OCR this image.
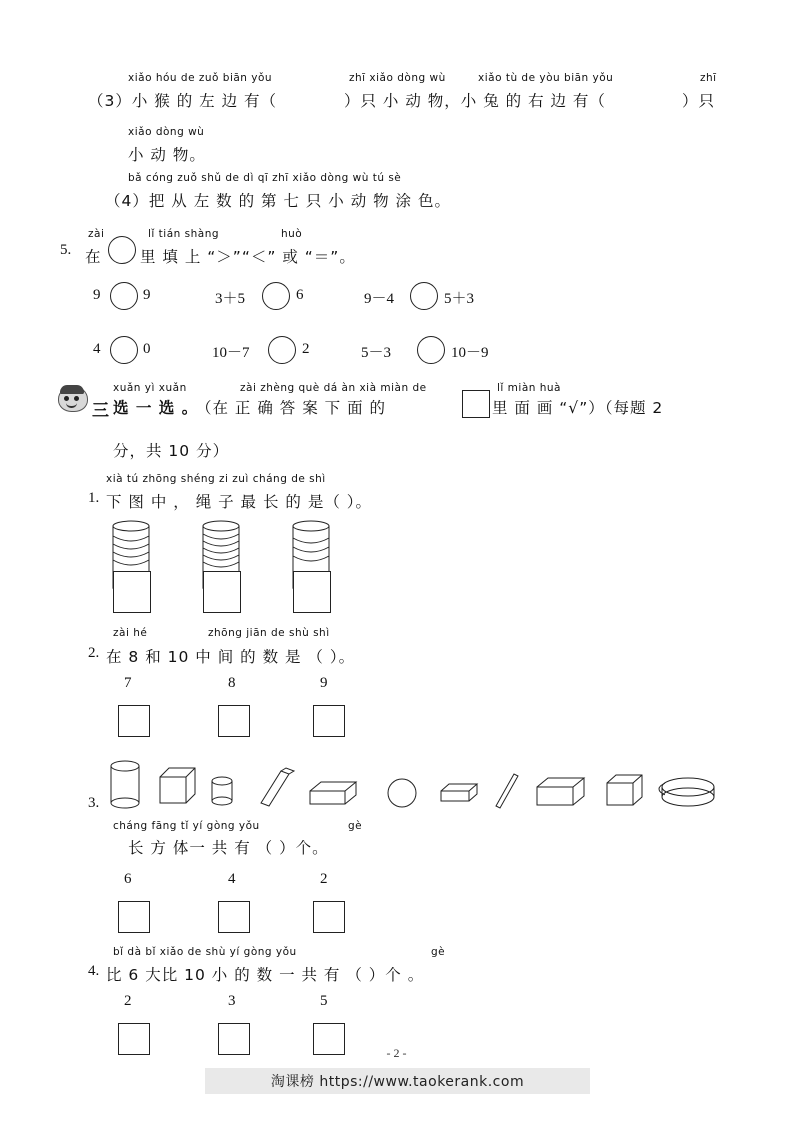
xiǎo hóu de zuǒ biān yǒu	zhī xiǎo dòng wù	xiǎo tù de yòu biān yǒu	zhī
（3）小 猴 的 左 边 有（	）只 小 动 物，小 兔 的 右 边 有（	）只
xiǎo dòng wù
小 动 物。
bǎ cóng zuǒ shǔ de dì qī zhī xiǎo dòng wù tú sè
（4）把 从 左 数 的 第 七 只 小 动 物 涂 色。
5.
zài	lǐ tián shàng	huò
在 里 填 上 “＞”“＜” 或 “＝”。
9	9	3＋5	6	9－4	5＋3
4	0	10－7	2	5－3	10－9
三
xuǎn yì xuǎn
选 一 选 。
zài zhèng què dá àn xià miàn de
（在 正 确 答 案 下 面 的
lǐ miàn huà
里 面 画 “√”）（每题 2
分，共 10 分）
1.
xià tú zhōng shéng zi zuì cháng de shì
下 图 中 ， 绳 子 最 长 的 是（ ）。
zài hé	zhōng jiān de shù shì
2. 在 8 和 10 中 间 的 数 是 （ ）。
7	8	9
3.
cháng fāng tǐ yí gòng yǒu	gè
长 方 体一 共 有 （ ）个。
6	4	2
bǐ dà bǐ xiǎo de shù yí gòng yǒu	gè
4. 比 6 大比 10 小 的 数 一 共 有 （ ）个 。
2	3	5
- 2 -
淘课榜 https://www.taokerank.com
